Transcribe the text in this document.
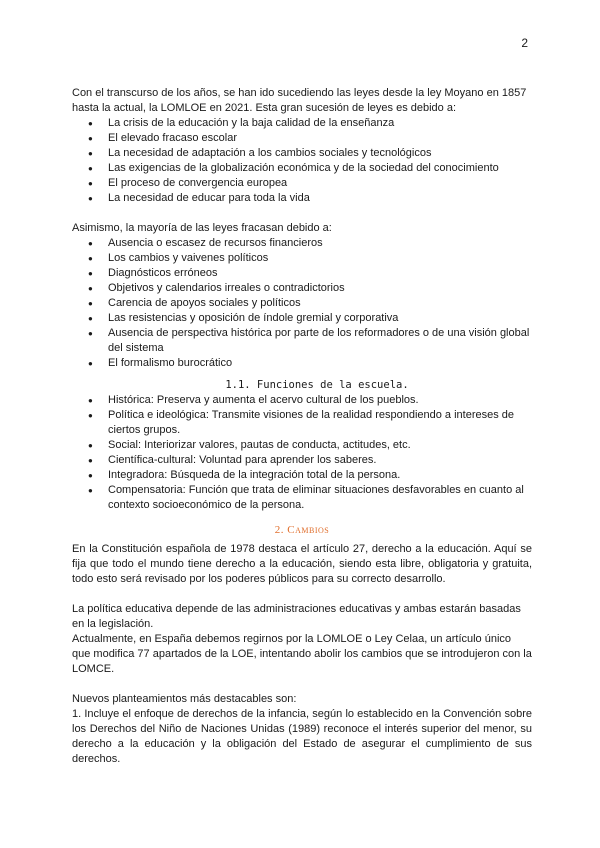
2

Con el transcurso de los años, se han ido sucediendo las leyes desde la ley Moyano en 1857 hasta la actual, la LOMLOE en 2021. Esta gran sucesión de leyes es debido a:

● La crisis de la educación y la baja calidad de la enseñanza
● El elevado fracaso escolar
● La necesidad de adaptación a los cambios sociales y tecnológicos
● Las exigencias de la globalización económica y de la sociedad del conocimiento
● El proceso de convergencia europea
● La necesidad de educar para toda la vida

Asimismo, la mayoría de las leyes fracasan debido a:

● Ausencia o escasez de recursos financieros
● Los cambios y vaivenes políticos
● Diagnósticos erróneos
● Objetivos y calendarios irreales o contradictorios
● Carencia de apoyos sociales y políticos
● Las resistencias y oposición de índole gremial y corporativa
● Ausencia de perspectiva histórica por parte de los reformadores o de una visión global del sistema
● El formalismo burocrático
1.1. Funciones de la escuela.
● Histórica: Preserva y aumenta el acervo cultural de los pueblos.
● Política e ideológica: Transmite visiones de la realidad respondiendo a intereses de ciertos grupos.
● Social: Interiorizar valores, pautas de conducta, actitudes, etc.
● Científica-cultural: Voluntad para aprender los saberes.
● Integradora: Búsqueda de la integración total de la persona.
● Compensatoria: Función que trata de eliminar situaciones desfavorables en cuanto al contexto socioeconómico de la persona.
2. Cambios

En la Constitución española de 1978 destaca el artículo 27, derecho a la educación. Aquí se fija que todo el mundo tiene derecho a la educación, siendo esta libre, obligatoria y gratuita, todo esto será revisado por los poderes públicos para su correcto desarrollo.

La política educativa depende de las administraciones educativas y ambas estarán basadas en la legislación.

Actualmente, en España debemos regirnos por la LOMLOE o Ley Celaa, un artículo único que modifica 77 apartados de la LOE, intentando abolir los cambios que se introdujeron con la LOMCE.

Nuevos planteamientos más destacables son:

1. Incluye el enfoque de derechos de la infancia, según lo establecido en la Convención sobre los Derechos del Niño de Naciones Unidas (1989) reconoce el interés superior del menor, su derecho a la educación y la obligación del Estado de asegurar el cumplimiento de sus derechos.
